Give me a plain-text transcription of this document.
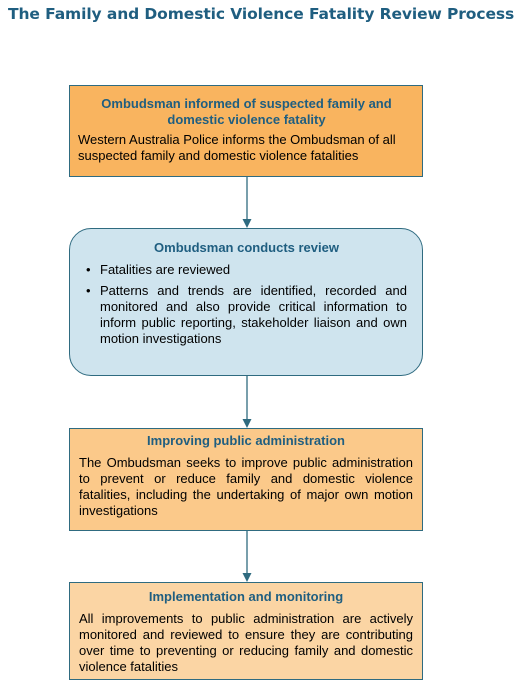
The Family and Domestic Violence Fatality Review Process
Ombudsman informed of suspected family and domestic violence fatality

Western Australia Police informs the Ombudsman of all suspected family and domestic violence fatalities

Ombudsman conducts review
• Fatalities are reviewed
• Patterns and trends are identified, recorded and monitored and also provide critical information to inform public reporting, stakeholder liaison and own motion investigations
Improving public administration

The Ombudsman seeks to improve public administration to prevent or reduce family and domestic violence fatalities, including the undertaking of major own motion investigations

Implementation and monitoring

All improvements to public administration are actively monitored and reviewed to ensure they are contributing over time to preventing or reducing family and domestic violence fatalities
